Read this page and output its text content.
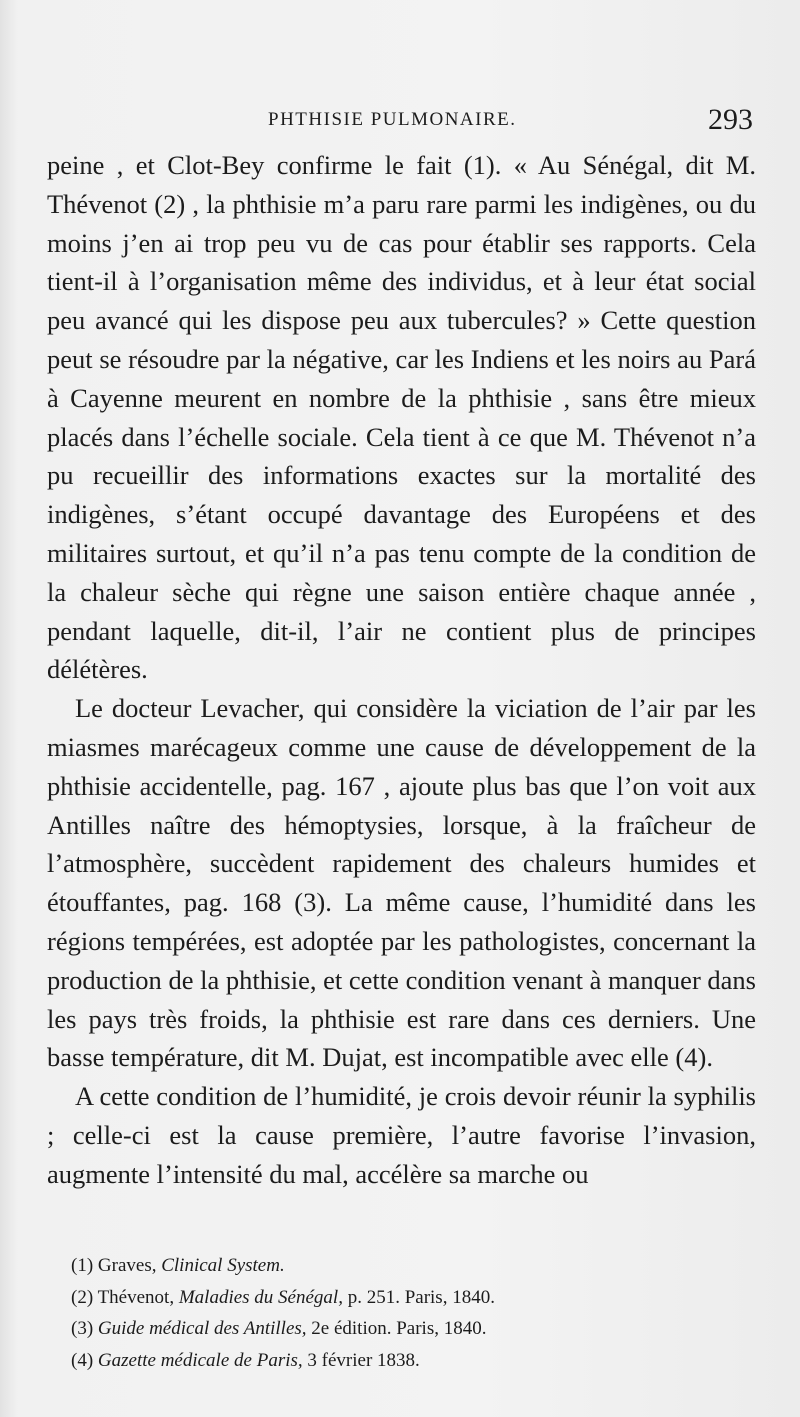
PHTHISIE PULMONAIRE.	293

peine , et Clot-Bey confirme le fait (1). « Au Sénégal, dit M. Thévenot (2) , la phthisie m’a paru rare parmi les indigènes, ou du moins j’en ai trop peu vu de cas pour établir ses rapports. Cela tient-il à l’organisation même des individus, et à leur état social peu avancé qui les dispose peu aux tubercules? » Cette question peut se résoudre par la négative, car les Indiens et les noirs au Pará à Cayenne meurent en nombre de la phthisie , sans être mieux placés dans l’échelle sociale. Cela tient à ce que M. Thévenot n’a pu recueillir des informations exactes sur la mortalité des indigènes, s’étant occupé davantage des Européens et des militaires surtout, et qu’il n’a pas tenu compte de la condition de la chaleur sèche qui règne une saison entière chaque année , pendant laquelle, dit-il, l’air ne contient plus de principes délétères.

Le docteur Levacher, qui considère la viciation de l’air par les miasmes marécageux comme une cause de développement de la phthisie accidentelle, pag. 167 , ajoute plus bas que l’on voit aux Antilles naître des hémoptysies, lorsque, à la fraîcheur de l’atmosphère, succèdent rapidement des chaleurs humides et étouffantes, pag. 168 (3). La même cause, l’humidité dans les régions tempérées, est adoptée par les pathologistes, concernant la production de la phthisie, et cette condition venant à manquer dans les pays très froids, la phthisie est rare dans ces derniers. Une basse température, dit M. Dujat, est incompatible avec elle (4).

A cette condition de l’humidité, je crois devoir réunir la syphilis ; celle-ci est la cause première, l’autre favorise l’invasion, augmente l’intensité du mal, accélère sa marche ou

(1) Graves, Clinical System.
(2) Thévenot, Maladies du Sénégal, p. 251. Paris, 1840.
(3) Guide médical des Antilles, 2e édition. Paris, 1840.
(4) Gazette médicale de Paris, 3 février 1838.
